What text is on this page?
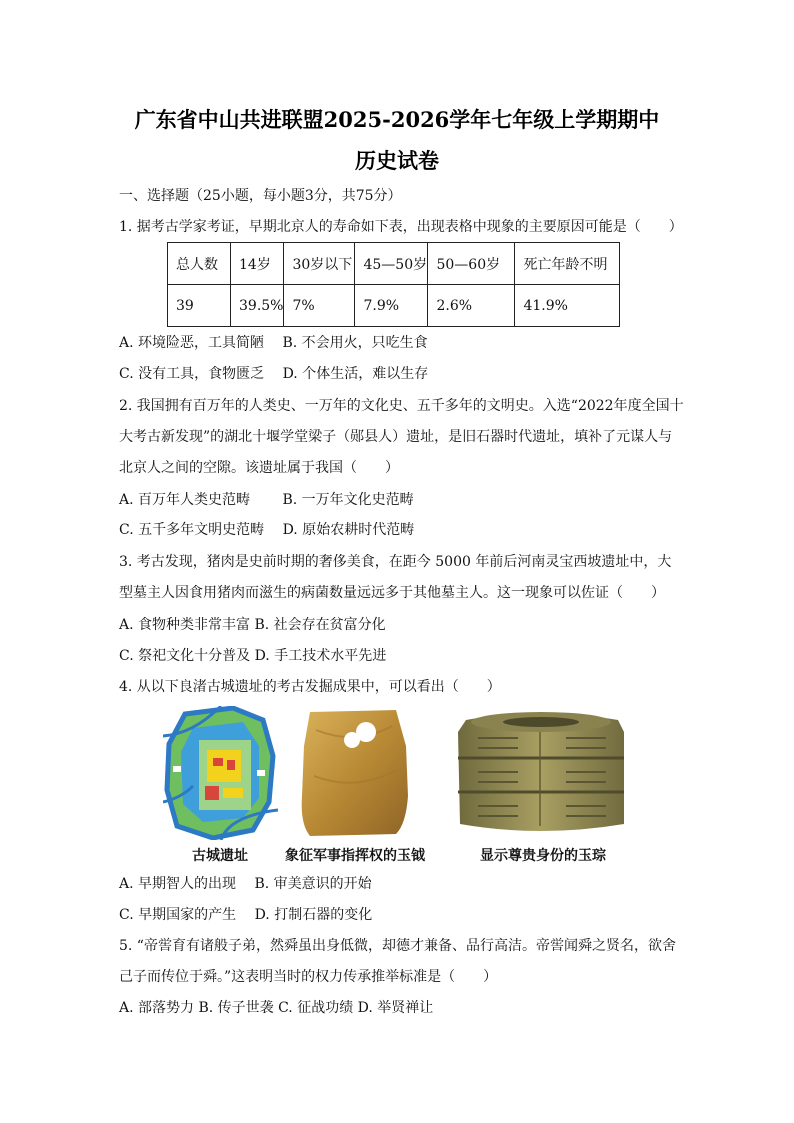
广东省中山共进联盟2025-2026学年七年级上学期期中
历史试卷
一、选择题（25小题，每小题3分，共75分）
1. 据考古学家考证，早期北京人的寿命如下表，出现表格中现象的主要原因可能是（　　）
总人数	14岁	30岁以下	45—50岁	50—60岁	死亡年龄不明
39	39.5%	7%	7.9%	2.6%	41.9%
A. 环境险恶，工具简陋　 B. 不会用火，只吃生食
C. 没有工具，食物匮乏　 D. 个体生活，难以生存
2. 我国拥有百万年的人类史、一万年的文化史、五千多年的文明史。入选“2022年度全国十
大考古新发现”的湖北十堰学堂梁子（郧县人）遗址，是旧石器时代遗址，填补了元谋人与
北京人之间的空隙。该遗址属于我国（　　）
A. 百万年人类史范畴　　 B. 一万年文化史范畴
C. 五千多年文明史范畴　 D. 原始农耕时代范畴
3. 考古发现，猪肉是史前时期的奢侈美食，在距今 5000 年前后河南灵宝西坡遗址中，大
型墓主人因食用猪肉而滋生的病菌数量远远多于其他墓主人。这一现象可以佐证（　　）
A. 食物种类非常丰富 B. 社会存在贫富分化
C. 祭祀文化十分普及 D. 手工技术水平先进
4. 从以下良渚古城遗址的考古发掘成果中，可以看出（　　）
古城遗址	象征军事指挥权的玉钺	显示尊贵身份的玉琮
A. 早期智人的出现　 B. 审美意识的开始
C. 早期国家的产生　 D. 打制石器的变化
5. “帝喾育有诸般子弟，然舜虽出身低微，却德才兼备、品行高洁。帝喾闻舜之贤名，欲舍
己子而传位于舜。”这表明当时的权力传承推举标准是（　　）
A. 部落势力 B. 传子世袭 C. 征战功绩 D. 举贤禅让
